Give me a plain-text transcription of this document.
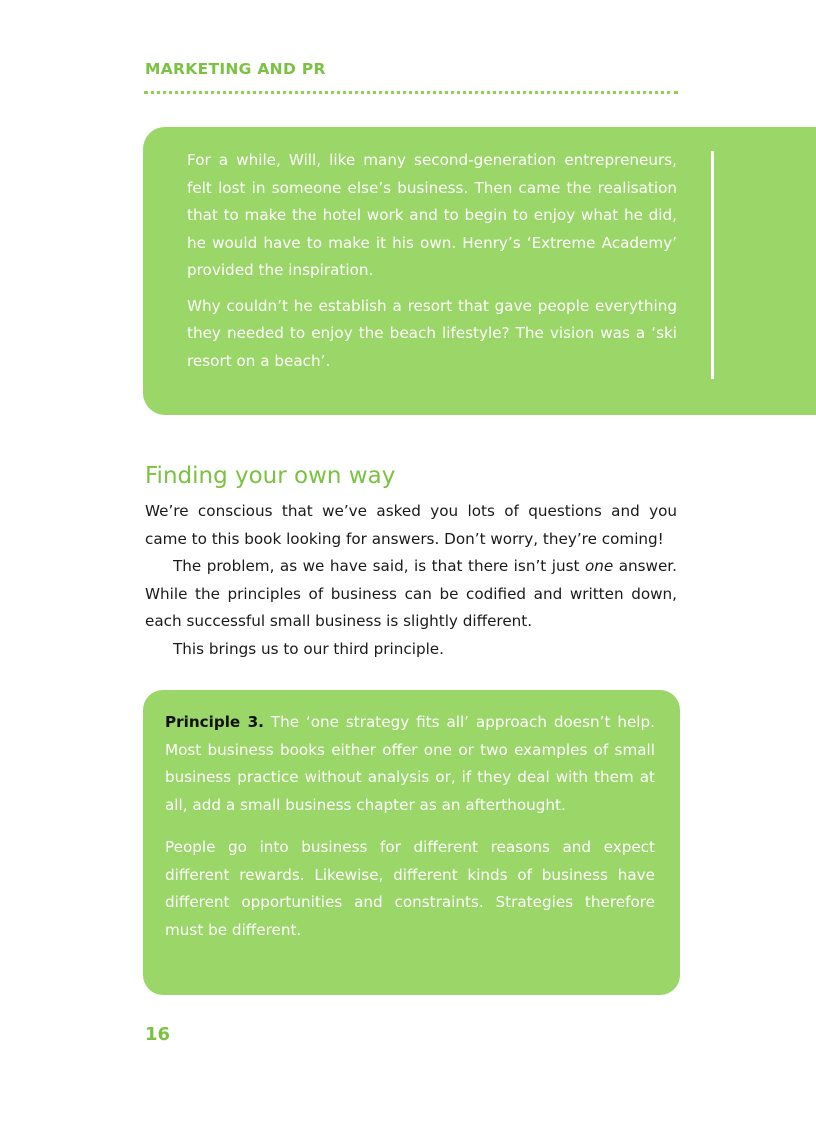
MARKETING AND PR

For a while, Will, like many second-generation entrepreneurs, felt lost in someone else’s business. Then came the realisation that to make the hotel work and to begin to enjoy what he did, he would have to make it his own. Henry’s ‘Extreme Academy’ provided the inspiration.

Why couldn’t he establish a resort that gave people everything they needed to enjoy the beach lifestyle? The vision was a ‘ski resort on a beach’.

Finding your own way

We’re conscious that we’ve asked you lots of questions and you came to this book looking for answers. Don’t worry, they’re coming!

The problem, as we have said, is that there isn’t just one answer. While the principles of business can be codified and written down, each successful small business is slightly different.

This brings us to our third principle.

Principle 3. The ‘one strategy fits all’ approach doesn’t help. Most business books either offer one or two examples of small business practice without analysis or, if they deal with them at all, add a small business chapter as an afterthought.

People go into business for different reasons and expect different rewards. Likewise, different kinds of business have different opportunities and constraints. Strategies therefore must be different.

16
